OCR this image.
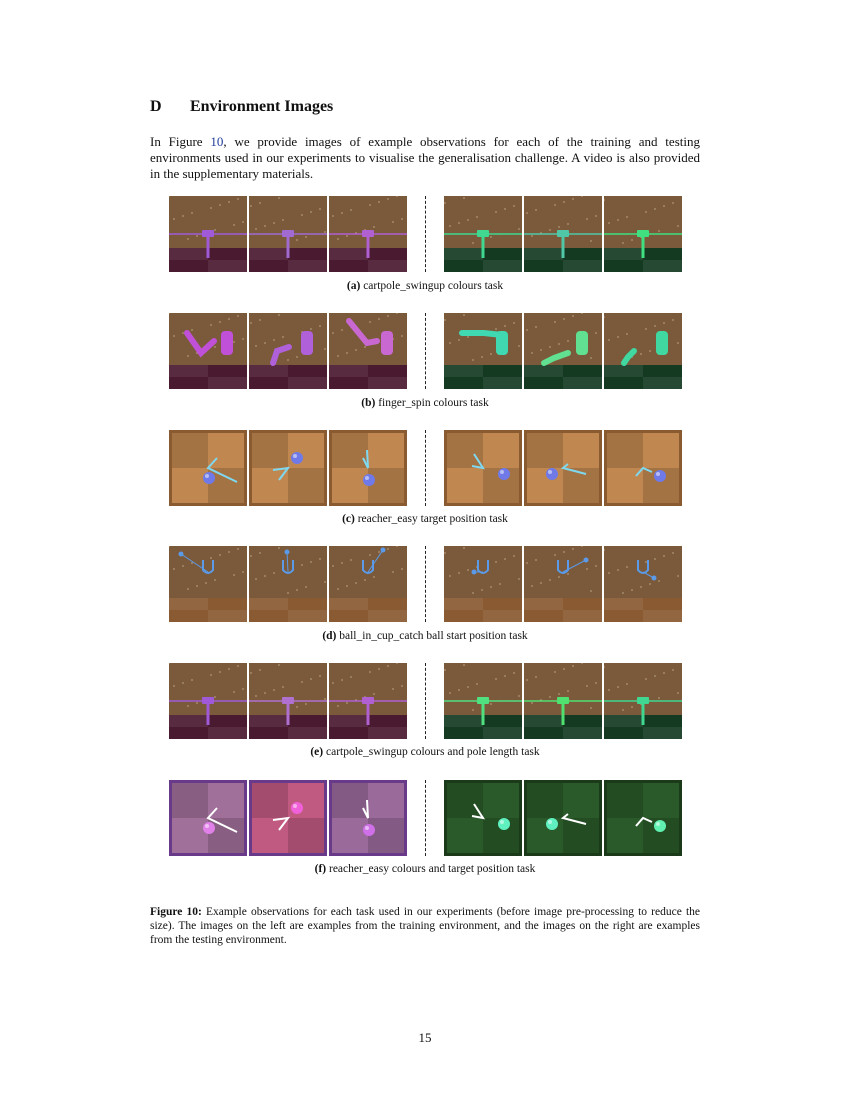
D Environment Images
In Figure 10, we provide images of example observations for each of the training and testing environments used in our experiments to visualise the generalisation challenge. A video is also provided in the supplementary materials.
(a) cartpole_swingup colours task
(b) finger_spin colours task
(c) reacher_easy target position task
(d) ball_in_cup_catch ball start position task
(e) cartpole_swingup colours and pole length task
(f) reacher_easy colours and target position task
Figure 10: Example observations for each task used in our experiments (before image pre-processing to reduce the size). The images on the left are examples from the training environment, and the images on the right are examples from the testing environment.
15
